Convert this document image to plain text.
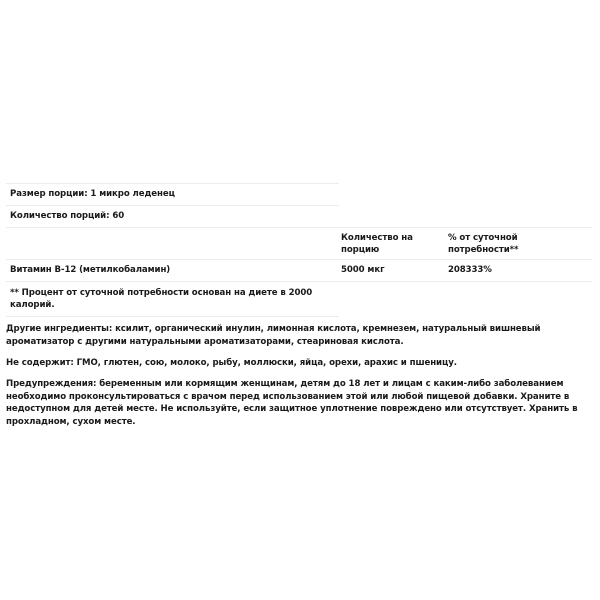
Размер порции: 1 микро леденец
Количество порций: 60
Количество на порцию
% от суточной потребности**
Витамин B-12 (метилкобаламин)	5000 мкг	208333%
** Процент от суточной потребности основан на диете в 2000 калорий.
Другие ингредиенты: ксилит, органический инулин, лимонная кислота, кремнезем, натуральный вишневый ароматизатор с другими натуральными ароматизаторами, стеариновая кислота.
Не содержит: ГМО, глютен, сою, молоко, рыбу, моллюски, яйца, орехи, арахис и пшеницу.
Предупреждения: беременным или кормящим женщинам, детям до 18 лет и лицам с каким-либо заболеванием необходимо проконсультироваться с врачом перед использованием этой или любой пищевой добавки. Храните в недоступном для детей месте. Не используйте, если защитное уплотнение повреждено или отсутствует. Хранить в прохладном, сухом месте.
